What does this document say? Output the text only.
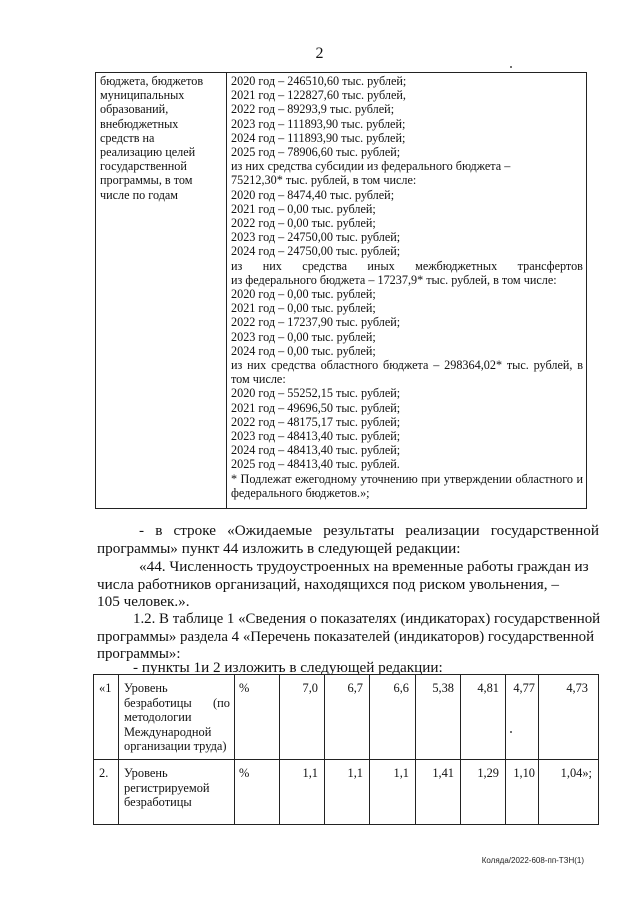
2
бюджета, бюджетов
муниципальных
образований,
внебюджетных
средств на
реализацию целей
государственной
программы, в том
числе по годам

2020 год – 246510,60 тыс. рублей;
2021 год – 122827,60 тыс. рублей,
2022 год – 89293,9 тыс. рублей;
2023 год – 111893,90 тыс. рублей;
2024 год – 111893,90 тыс. рублей;
2025 год – 78906,60 тыс. рублей;
из них средства субсидии из федерального бюджета –
75212,30* тыс. рублей, в том числе:
2020 год – 8474,40 тыс. рублей;
2021 год – 0,00 тыс. рублей;
2022 год – 0,00 тыс. рублей;
2023 год – 24750,00 тыс. рублей;
2024 год – 24750,00 тыс. рублей;
из них средства иных межбюджетных трансфертов
из федерального бюджета – 17237,9* тыс. рублей, в том числе:
2020 год – 0,00 тыс. рублей;
2021 год – 0,00 тыс. рублей;
2022 год – 17237,90 тыс. рублей;
2023 год – 0,00 тыс. рублей;
2024 год – 0,00 тыс. рублей;
из них средства областного бюджета – 298364,02* тыс. рублей, в том числе:
2020 год – 55252,15 тыс. рублей;
2021 год – 49696,50 тыс. рублей;
2022 год – 48175,17 тыс. рублей;
2023 год – 48413,40 тыс. рублей;
2024 год – 48413,40 тыс. рублей;
2025 год – 48413,40 тыс. рублей.
* Подлежат ежегодному уточнению при утверждении областного и федерального бюджетов.»;
- в строке «Ожидаемые результаты реализации государственной
программы» пункт 44 изложить в следующей редакции:
«44. Численность трудоустроенных на временные работы граждан из
числа работников организаций, находящихся под риском увольнения, –
105 человек.».
1.2. В таблице 1 «Сведения о показателях (индикаторах) государственной
программы» раздела 4 «Перечень показателей (индикаторов) государственной
программы»:
- пункты 1и 2 изложить в следующей редакции:
«1	Уровень
безработицы (по
методологии
Международной
организации труда)	%	7,0	6,7	6,6	5,38	4,81	4,77	4,73
2.	Уровень
регистрируемой
безработицы	%	1,1	1,1	1,1	1,41	1,29	1,10	1,04»;
Коляда/2022-608-пп-ТЗН(1)
